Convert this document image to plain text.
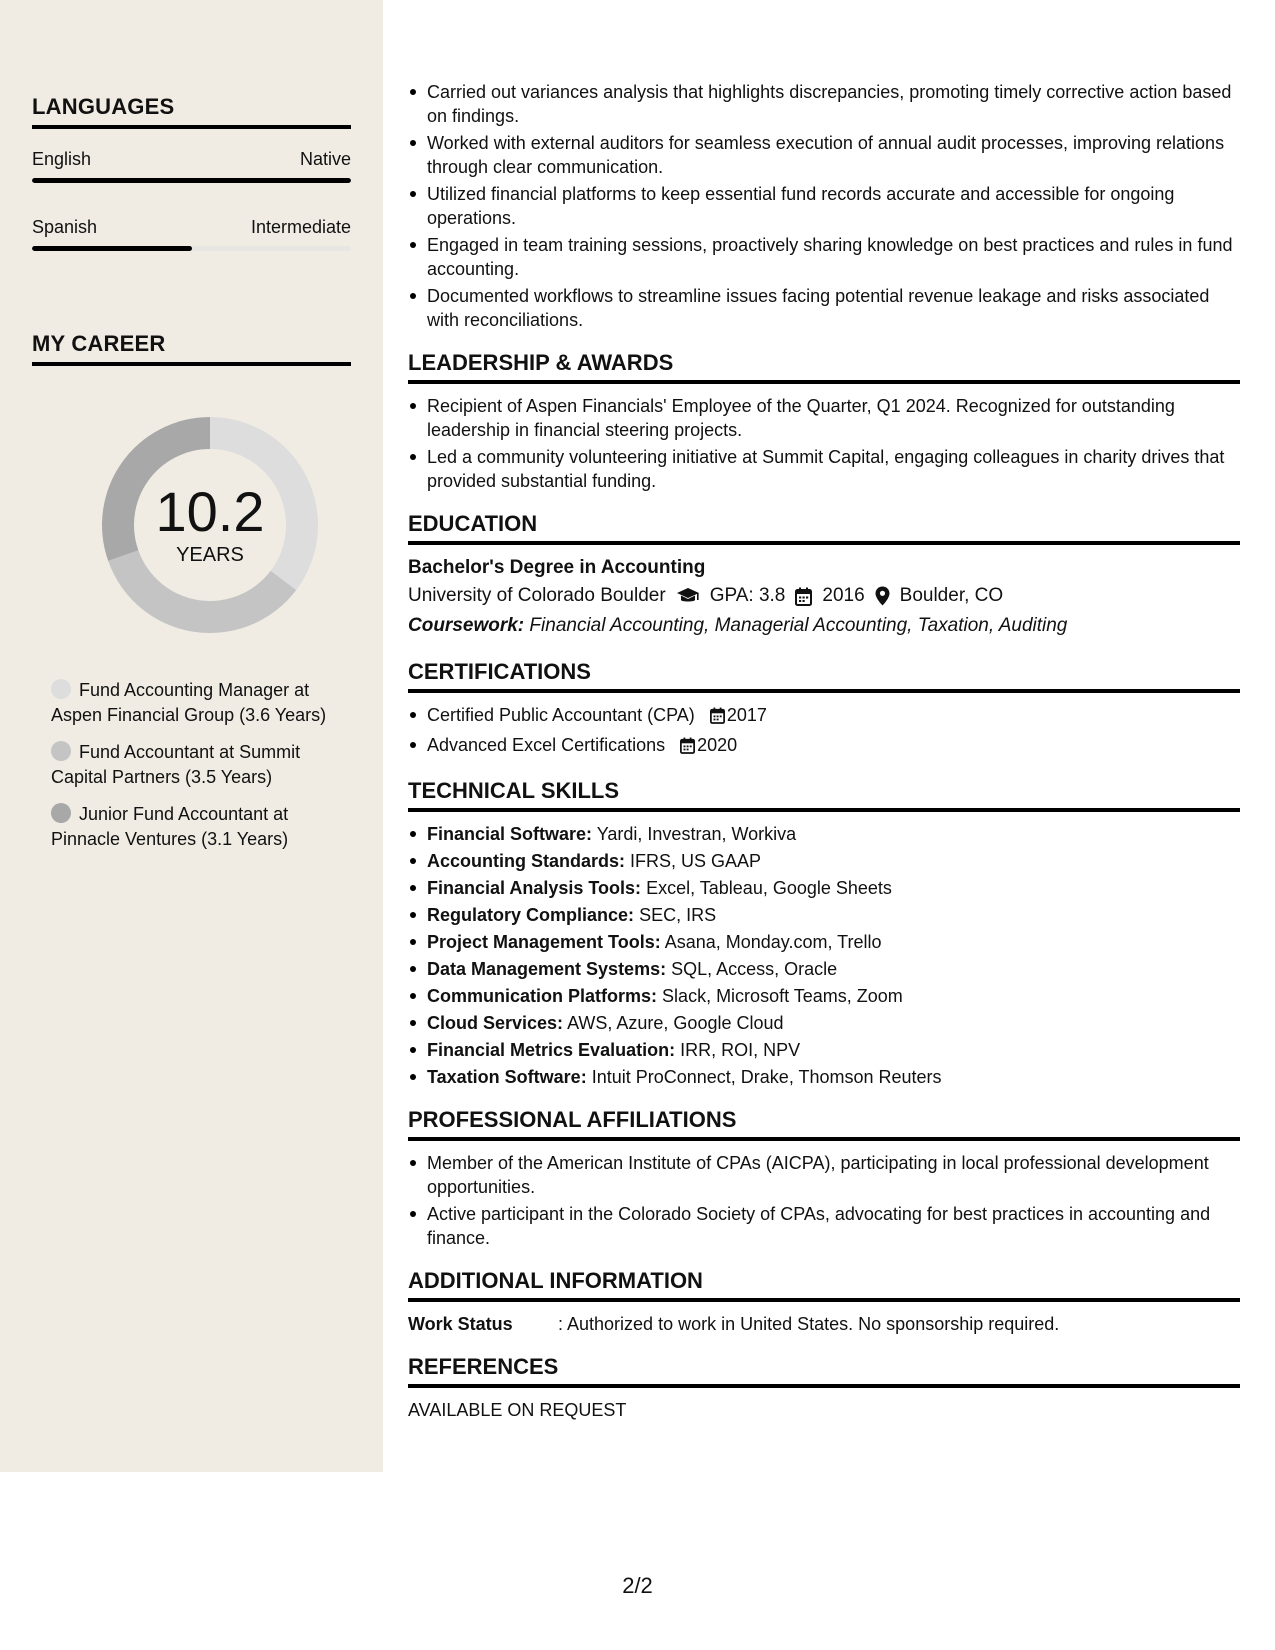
LANGUAGES
English	Native
Spanish	Intermediate
MY CAREER
10.2
YEARS
Fund Accounting Manager at Aspen Financial Group (3.6 Years)
Fund Accountant at Summit Capital Partners (3.5 Years)
Junior Fund Accountant at Pinnacle Ventures (3.1 Years)
Carried out variances analysis that highlights discrepancies, promoting timely corrective action based on findings.
Worked with external auditors for seamless execution of annual audit processes, improving relations through clear communication.
Utilized financial platforms to keep essential fund records accurate and accessible for ongoing operations.
Engaged in team training sessions, proactively sharing knowledge on best practices and rules in fund accounting.
Documented workflows to streamline issues facing potential revenue leakage and risks associated with reconciliations.
LEADERSHIP & AWARDS
Recipient of Aspen Financials' Employee of the Quarter, Q1 2024. Recognized for outstanding leadership in financial steering projects.
Led a community volunteering initiative at Summit Capital, engaging colleagues in charity drives that provided substantial funding.
EDUCATION
Bachelor's Degree in Accounting
University of Colorado Boulder GPA: 3.8 2016 Boulder, CO
Coursework: Financial Accounting, Managerial Accounting, Taxation, Auditing
CERTIFICATIONS
Certified Public Accountant (CPA) 2017
Advanced Excel Certifications 2020
TECHNICAL SKILLS
Financial Software: Yardi, Investran, Workiva
Accounting Standards: IFRS, US GAAP
Financial Analysis Tools: Excel, Tableau, Google Sheets
Regulatory Compliance: SEC, IRS
Project Management Tools: Asana, Monday.com, Trello
Data Management Systems: SQL, Access, Oracle
Communication Platforms: Slack, Microsoft Teams, Zoom
Cloud Services: AWS, Azure, Google Cloud
Financial Metrics Evaluation: IRR, ROI, NPV
Taxation Software: Intuit ProConnect, Drake, Thomson Reuters
PROFESSIONAL AFFILIATIONS
Member of the American Institute of CPAs (AICPA), participating in local professional development opportunities.
Active participant in the Colorado Society of CPAs, advocating for best practices in accounting and finance.
ADDITIONAL INFORMATION
Work Status	: Authorized to work in United States. No sponsorship required.
REFERENCES
AVAILABLE ON REQUEST
2/2
